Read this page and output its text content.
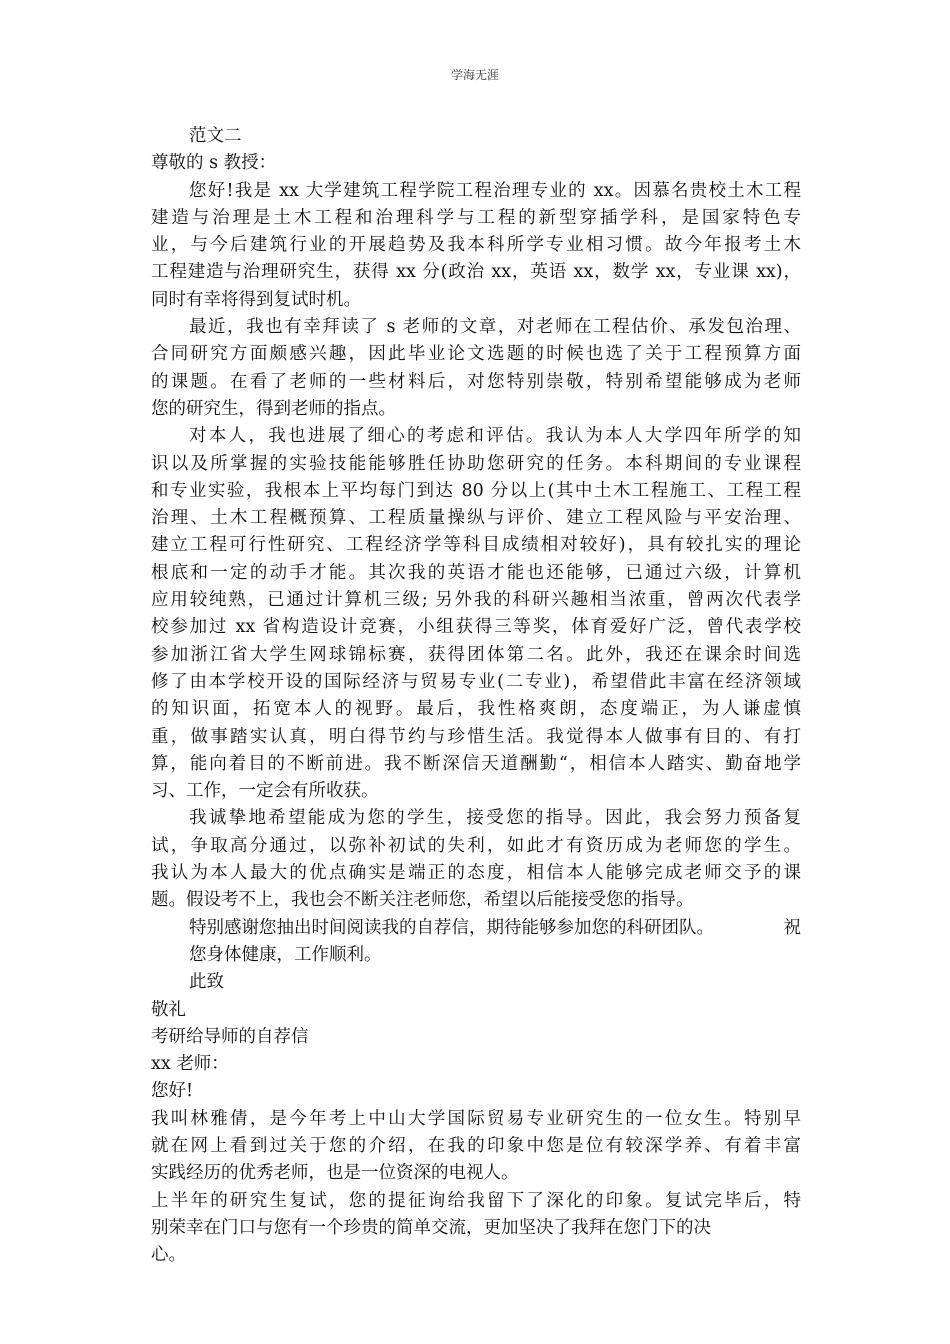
学海无涯
范文二
尊敬的 s 教授：
您好!我是 xx 大学建筑工程学院工程治理专业的 xx。因慕名贵校土木工程
建造与治理是土木工程和治理科学与工程的新型穿插学科，是国家特色专
业，与今后建筑行业的开展趋势及我本科所学专业相习惯。故今年报考土木
工程建造与治理研究生，获得 xx 分(政治 xx，英语 xx，数学 xx，专业课 xx)，
同时有幸将得到复试时机。
最近，我也有幸拜读了 s 老师的文章，对老师在工程估价、承发包治理、
合同研究方面颇感兴趣，因此毕业论文选题的时候也选了关于工程预算方面
的课题。在看了老师的一些材料后，对您特别崇敬，特别希望能够成为老师
您的研究生，得到老师的指点。
对本人，我也进展了细心的考虑和评估。我认为本人大学四年所学的知
识以及所掌握的实验技能能够胜任协助您研究的任务。本科期间的专业课程
和专业实验，我根本上平均每门到达 80 分以上(其中土木工程施工、工程工程
治理、土木工程概预算、工程质量操纵与评价、建立工程风险与平安治理、
建立工程可行性研究、工程经济学等科目成绩相对较好)，具有较扎实的理论
根底和一定的动手才能。其次我的英语才能也还能够，已通过六级，计算机
应用较纯熟，已通过计算机三级; 另外我的科研兴趣相当浓重，曾两次代表学
校参加过 xx 省构造设计竞赛，小组获得三等奖，体育爱好广泛，曾代表学校
参加浙江省大学生网球锦标赛，获得团体第二名。此外，我还在课余时间选
修了由本学校开设的国际经济与贸易专业(二专业)，希望借此丰富在经济领域
的知识面，拓宽本人的视野。最后，我性格爽朗，态度端正，为人谦虚慎
重，做事踏实认真，明白得节约与珍惜生活。我觉得本人做事有目的、有打
算，能向着目的不断前进。我不断深信天道酬勤“，相信本人踏实、勤奋地学
习、工作，一定会有所收获。
我诚挚地希望能成为您的学生，接受您的指导。因此，我会努力预备复
试，争取高分通过，以弥补初试的失利，如此才有资历成为老师您的学生。
我认为本人最大的优点确实是端正的态度，相信本人能够完成老师交予的课
题。假设考不上，我也会不断关注老师您，希望以后能接受您的指导。
特别感谢您抽出时间阅读我的自荐信，期待能够参加您的科研团队。	祝
您身体健康，工作顺利。
此致
敬礼
考研给导师的自荐信
xx 老师：
您好!
我叫林雅倩，是今年考上中山大学国际贸易专业研究生的一位女生。特别早
就在网上看到过关于您的介绍，在我的印象中您是位有较深学养、有着丰富
实践经历的优秀老师，也是一位资深的电视人。
上半年的研究生复试，您的提征询给我留下了深化的印象。复试完毕后，特
别荣幸在门口与您有一个珍贵的简单交流，更加坚决了我拜在您门下的决
心。
